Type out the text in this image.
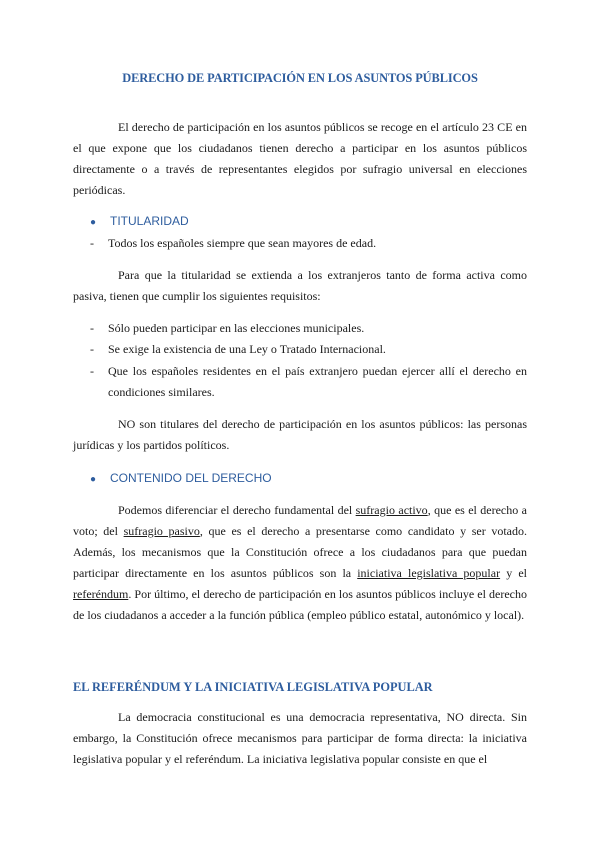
DERECHO DE PARTICIPACIÓN EN LOS ASUNTOS PÚBLICOS

El derecho de participación en los asuntos públicos se recoge en el artículo 23 CE en el que expone que los ciudadanos tienen derecho a participar en los asuntos públicos directamente o a través de representantes elegidos por sufragio universal en elecciones periódicas.

● TITULARIDAD
- Todos los españoles siempre que sean mayores de edad.

Para que la titularidad se extienda a los extranjeros tanto de forma activa como pasiva, tienen que cumplir los siguientes requisitos:

- Sólo pueden participar en las elecciones municipales.
- Se exige la existencia de una Ley o Tratado Internacional.
- Que los españoles residentes en el país extranjero puedan ejercer allí el derecho en condiciones similares.

NO son titulares del derecho de participación en los asuntos públicos: las personas jurídicas y los partidos políticos.

● CONTENIDO DEL DERECHO

Podemos diferenciar el derecho fundamental del sufragio activo, que es el derecho a voto; del sufragio pasivo, que es el derecho a presentarse como candidato y ser votado. Además, los mecanismos que la Constitución ofrece a los ciudadanos para que puedan participar directamente en los asuntos públicos son la iniciativa legislativa popular y el referéndum. Por último, el derecho de participación en los asuntos públicos incluye el derecho de los ciudadanos a acceder a la función pública (empleo público estatal, autonómico y local).

EL REFERÉNDUM Y LA INICIATIVA LEGISLATIVA POPULAR

La democracia constitucional es una democracia representativa, NO directa. Sin embargo, la Constitución ofrece mecanismos para participar de forma directa: la iniciativa legislativa popular y el referéndum. La iniciativa legislativa popular consiste en que el
